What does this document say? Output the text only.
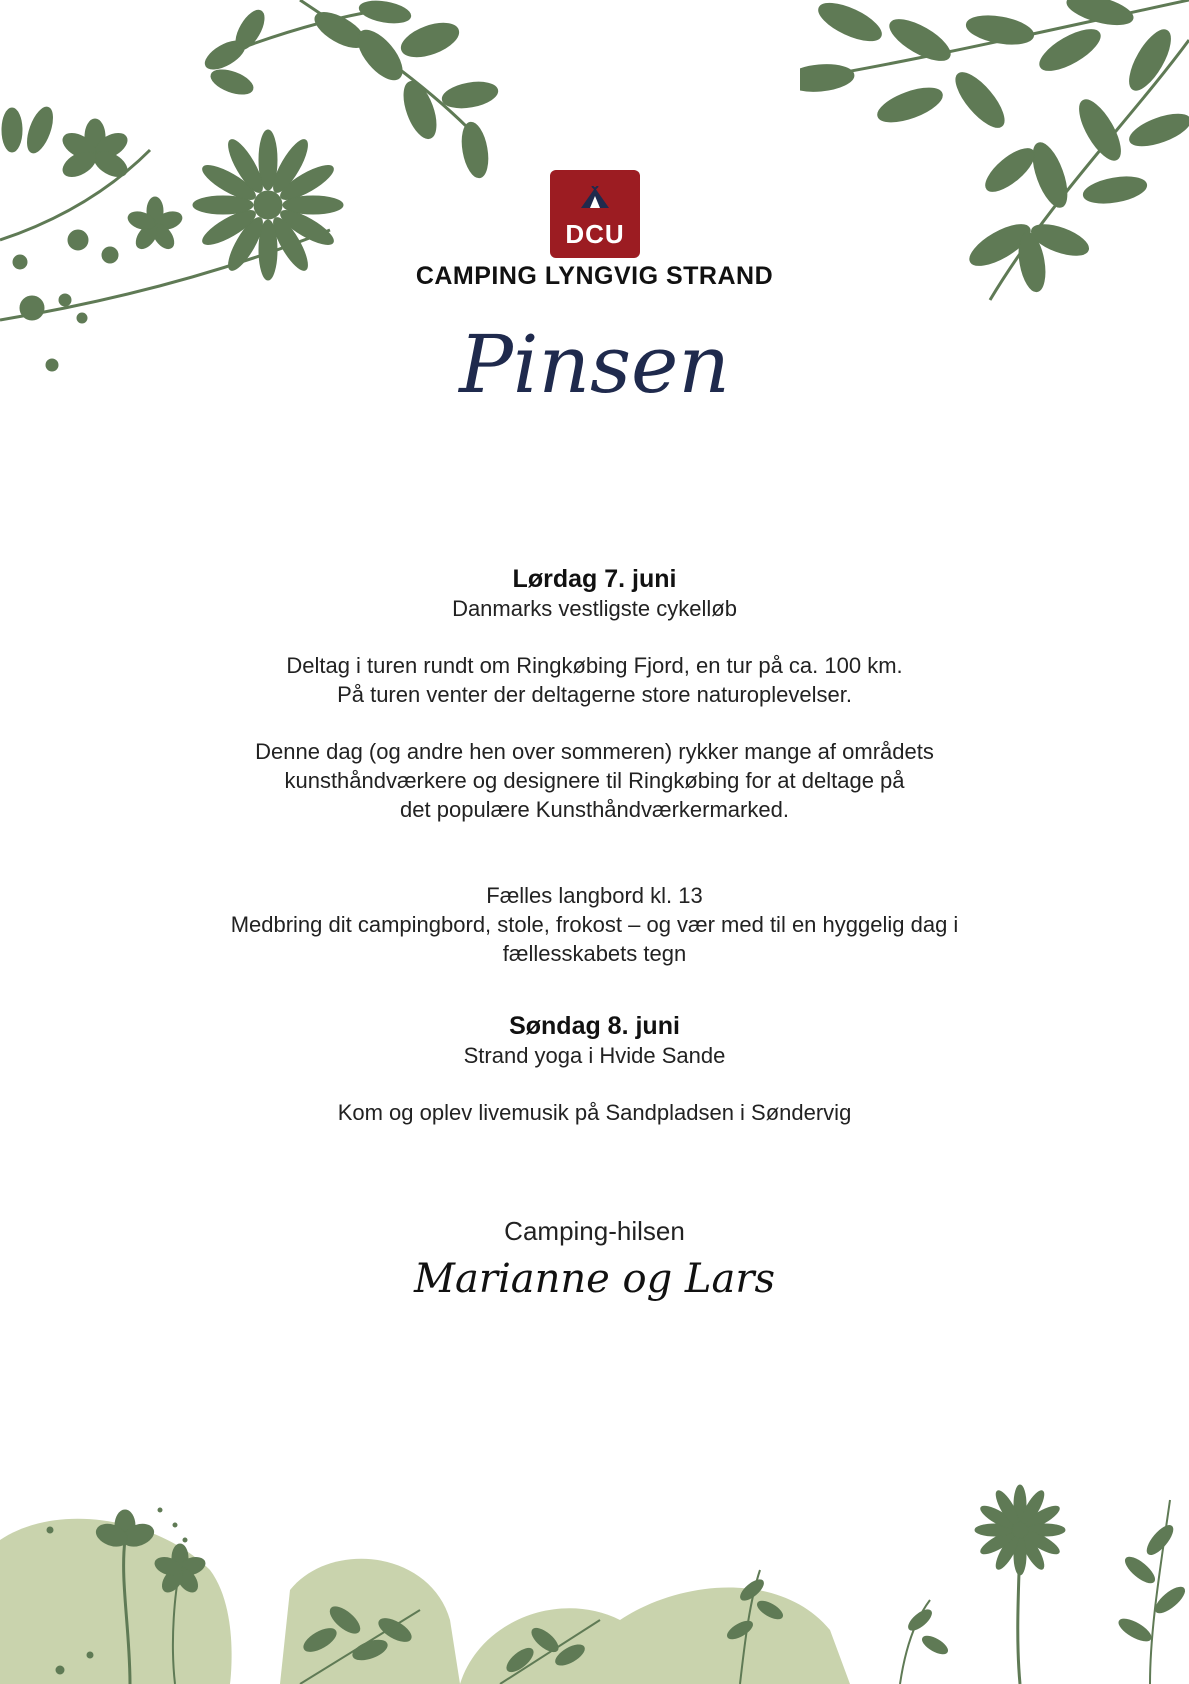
DCU
CAMPING LYNGVIG STRAND
Pinsen
Lørdag 7. juni

Danmarks vestligste cykelløb

Deltag i turen rundt om Ringkøbing Fjord, en tur på ca. 100 km.

På turen venter der deltagerne store naturoplevelser.

Denne dag (og andre hen over sommeren) rykker mange af områdets

kunsthåndværkere og designere til Ringkøbing for at deltage på

det populære Kunsthåndværkermarked.

Fælles langbord kl. 13

Medbring dit campingbord, stole, frokost – og vær med til en hyggelig dag i

fællesskabets tegn

Søndag 8. juni

Strand yoga i Hvide Sande

Kom og oplev livemusik på Sandpladsen i Søndervig

Camping-hilsen
Marianne og Lars
